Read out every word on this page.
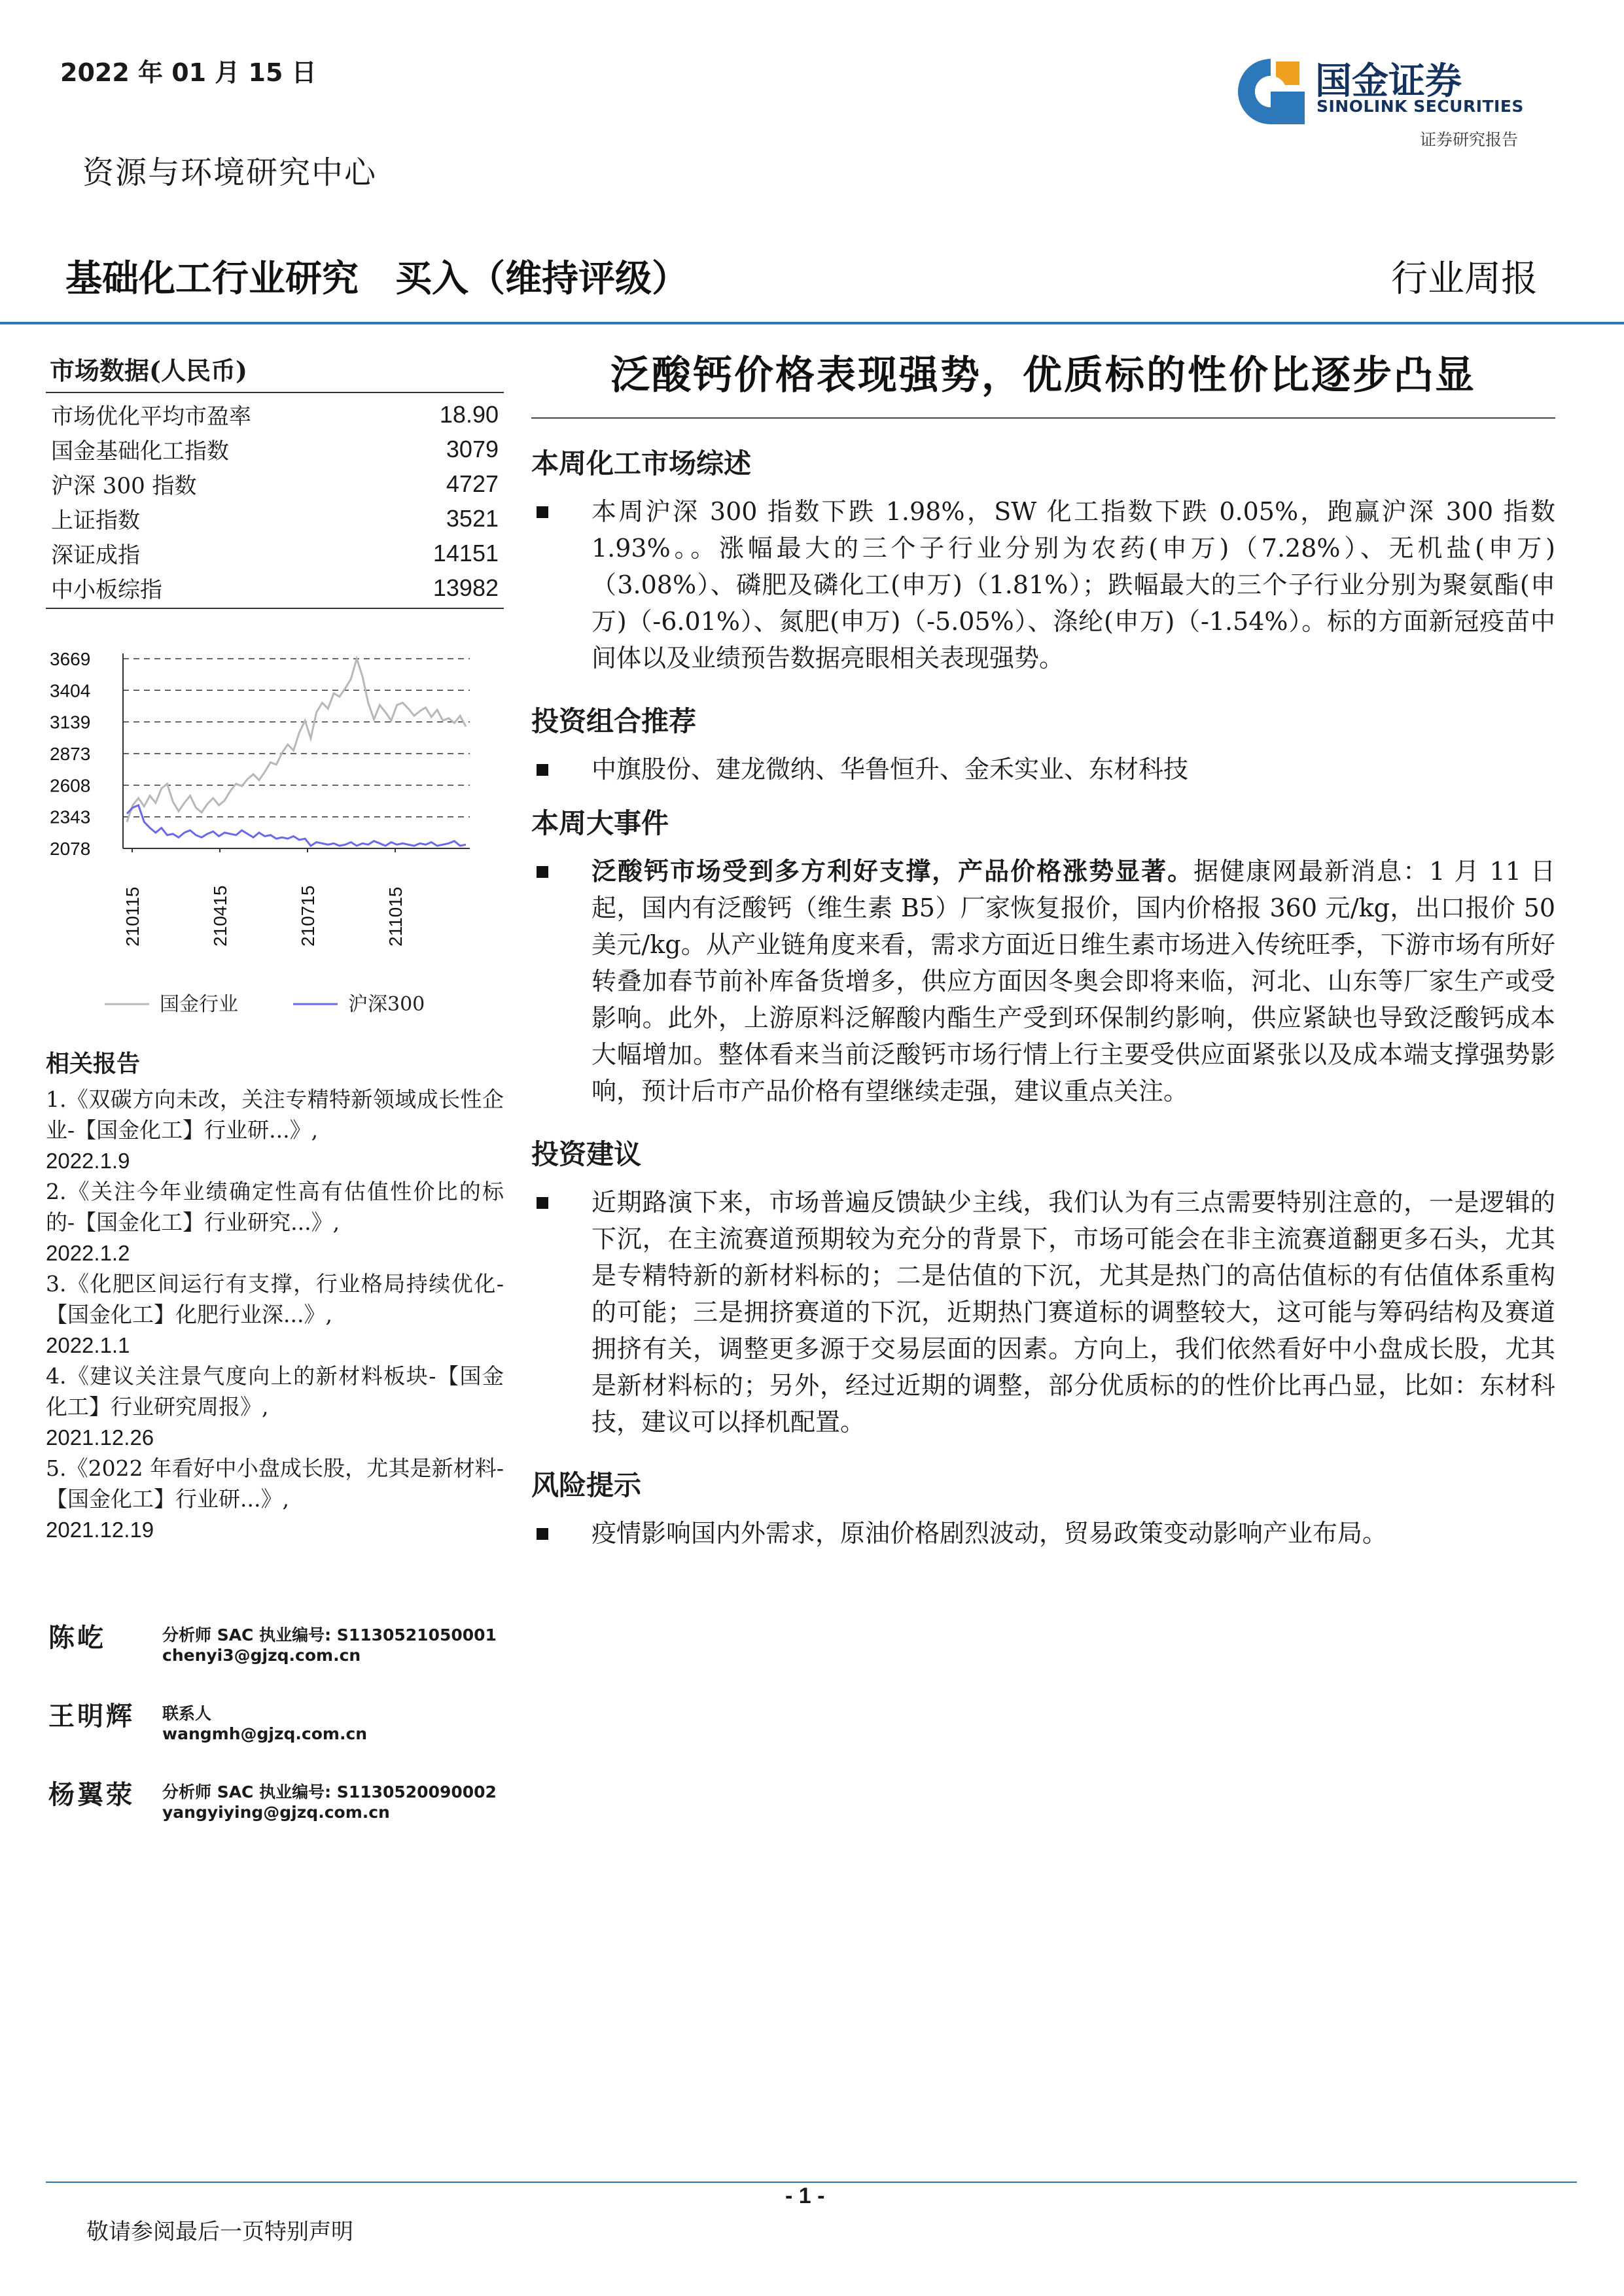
2022 年 01 月 15 日
资源与环境研究中心
国金证券
SINOLINK SECURITIES
证券研究报告
基础化工行业研究　买入（维持评级）	行业周报
市场数据(人民币)
市场优化平均市盈率	18.90
国金基础化工指数	3079
沪深 300 指数	4727
上证指数	3521
深证成指	14151
中小板综指	13982
2078
2343
2608
2873
3139
3404
3669
210115	210415	210715	211015
国金行业	沪深300
相关报告
1.《双碳方向未改，关注专精特新领域成长性企业-【国金化工】行业研...》,
2022.1.9
2.《关注今年业绩确定性高有估值性价比的标的-【国金化工】行业研究...》,
2022.1.2
3.《化肥区间运行有支撑，行业格局持续优化-【国金化工】化肥行业深...》,
2022.1.1
4.《建议关注景气度向上的新材料板块-【国金化工】行业研究周报》,
2021.12.26
5.《2022 年看好中小盘成长股，尤其是新材料-【国金化工】行业研...》,
2021.12.19
陈屹	分析师 SAC 执业编号: S1130521050001
chenyi3@gjzq.com.cn
王明辉 联系人
wangmh@gjzq.com.cn
杨翼荥 分析师 SAC 执业编号: S1130520090002
yangyiying@gjzq.com.cn
泛酸钙价格表现强势，优质标的性价比逐步凸显
本周化工市场综述
本周沪深 300 指数下跌 1.98%，SW 化工指数下跌 0.05%，跑赢沪深 300 指数 1.93%。。涨幅最大的三个子行业分别为农药(申万)（7.28%）、无机盐(申万)（3.08%）、磷肥及磷化工(申万)（1.81%）；跌幅最大的三个子行业分别为聚氨酯(申万)（-6.01%）、氮肥(申万)（-5.05%）、涤纶(申万)（-1.54%）。标的方面新冠疫苗中间体以及业绩预告数据亮眼相关表现强势。
投资组合推荐
中旗股份、建龙微纳、华鲁恒升、金禾实业、东材科技
本周大事件
泛酸钙市场受到多方利好支撑，产品价格涨势显著。据健康网最新消息：1 月 11 日起，国内有泛酸钙（维生素 B5）厂家恢复报价，国内价格报 360 元/kg，出口报价 50 美元/kg。从产业链角度来看，需求方面近日维生素市场进入传统旺季，下游市场有所好转叠加春节前补库备货增多，供应方面因冬奥会即将来临，河北、山东等厂家生产或受影响。此外，上游原料泛解酸内酯生产受到环保制约影响，供应紧缺也导致泛酸钙成本大幅增加。整体看来当前泛酸钙市场行情上行主要受供应面紧张以及成本端支撑强势影响，预计后市产品价格有望继续走强，建议重点关注。
投资建议
近期路演下来，市场普遍反馈缺少主线，我们认为有三点需要特别注意的，一是逻辑的下沉，在主流赛道预期较为充分的背景下，市场可能会在非主流赛道翻更多石头，尤其是专精特新的新材料标的；二是估值的下沉，尤其是热门的高估值标的有估值体系重构的可能；三是拥挤赛道的下沉，近期热门赛道标的调整较大，这可能与筹码结构及赛道拥挤有关，调整更多源于交易层面的因素。方向上，我们依然看好中小盘成长股，尤其是新材料标的；另外，经过近期的调整，部分优质标的的性价比再凸显，比如：东材科技，建议可以择机配置。
风险提示
疫情影响国内外需求，原油价格剧烈波动，贸易政策变动影响产业布局。
- 1 -
敬请参阅最后一页特别声明
